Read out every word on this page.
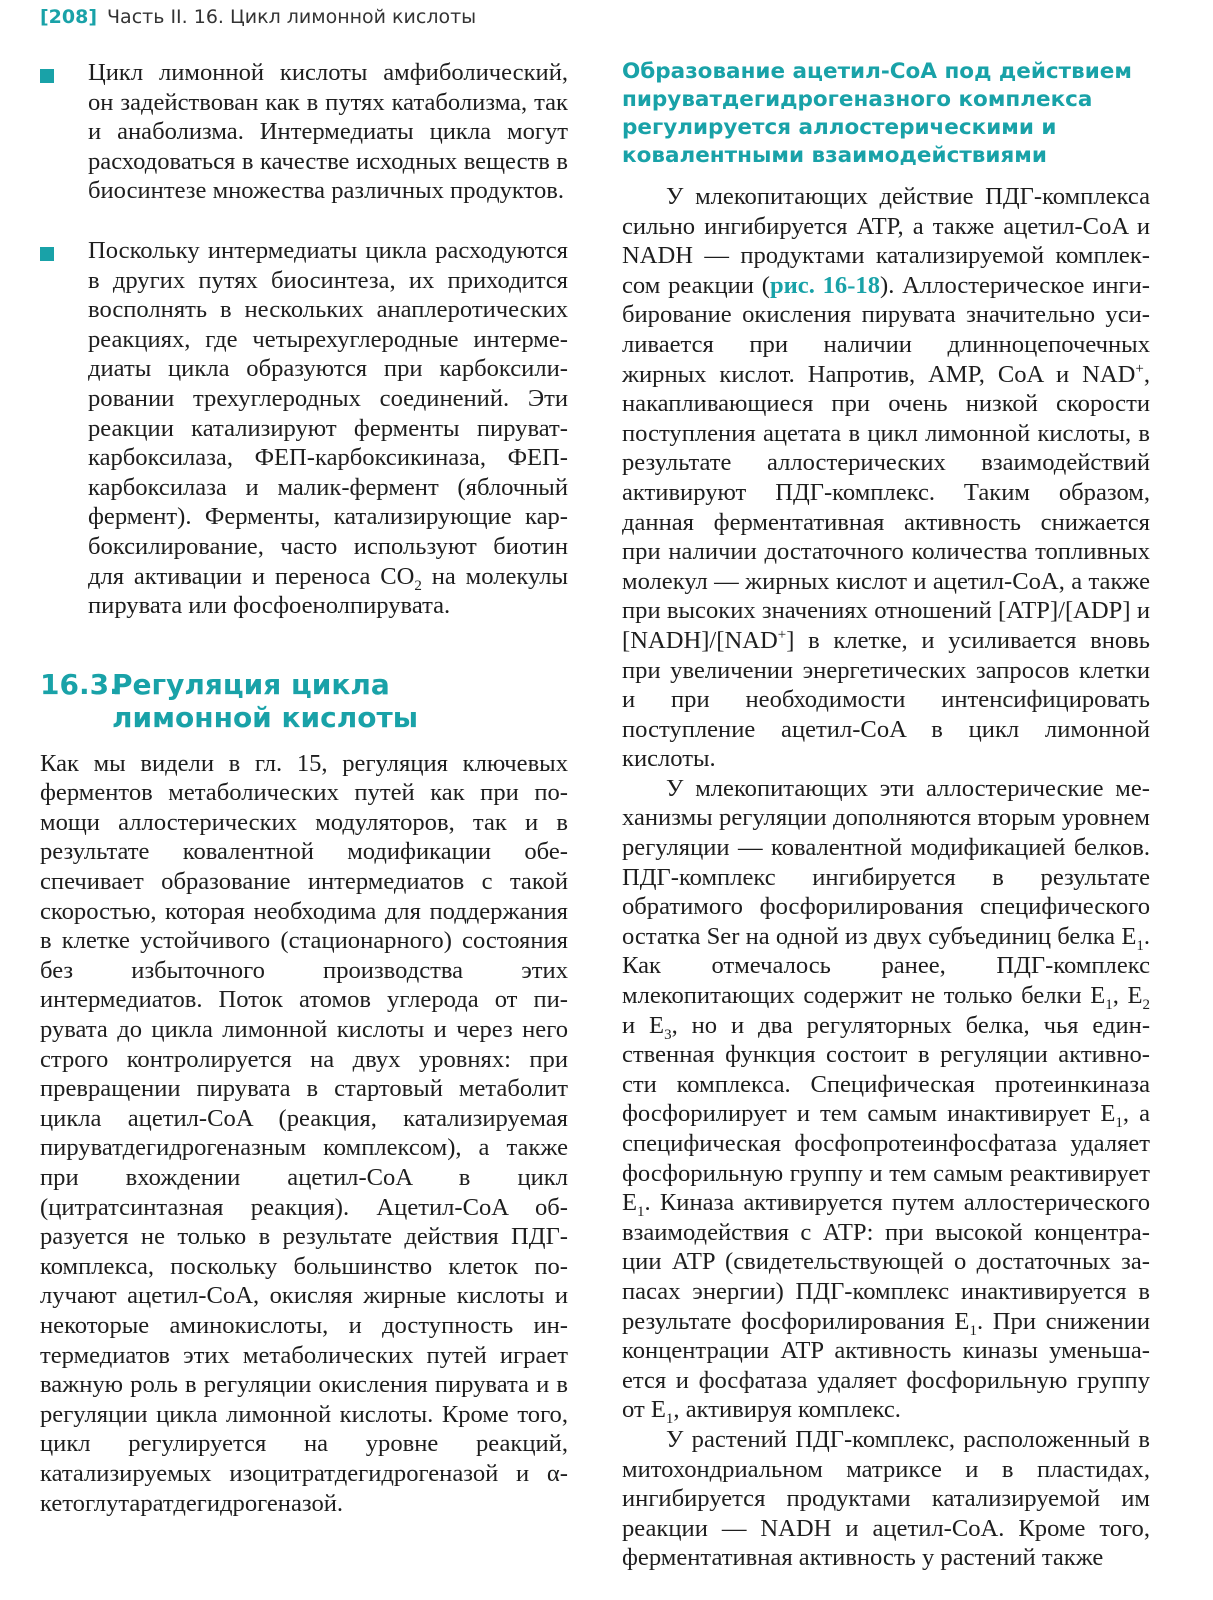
[208] Часть II. 16. Цикл лимонной кислоты

Цикл лимонной кислоты амфиболический, он задействован как в путях катаболизма, так и анаболизма. Интермедиаты цикла могут расходоваться в качестве исходных веществ в биосинтезе множества различных продуктов.

Поскольку интермедиаты цикла расходуются в других путях биосинтеза, их приходится восполнять в нескольких анаплеротических реакциях, где четырехуглеродные интермедиаты цикла образуются при карбоксилировании трехуглеродных соединений. Эти реакции катализируют ферменты пируваткарбоксилаза, ФЕП-карбоксикиназа, ФЕП-карбоксилаза и малик-фермент (яблочный фермент). Ферменты, катализирующие карбоксилирование, часто используют биотин для активации и переноса $CO_2$ на молекулы пирувата или фосфоенолпирувата.

16.3.Регуляция цикла
лимонной кислоты

Как мы видели в гл. 15, регуляция ключевых ферментов метаболических путей как при помощи аллостерических модуляторов, так и в результате ковалентной модификации обеспечивает образование интермедиатов с такой скоростью, которая необходима для поддержания в клетке устойчивого (стационарного) состояния без избыточного производства этих интермедиатов. Поток атомов углерода от пирувата до цикла лимонной кислоты и через него строго контролируется на двух уровнях: при превращении пирувата в стартовый метаболит цикла ацетил-CoA (реакция, катализируемая пируватдегидрогеназным комплексом), а также при вхождении ацетил-CoA в цикл (цитратсинтазная реакция). Ацетил-CoA образуется не только в результате действия ПДГ-комплекса, поскольку большинство клеток получают ацетил-CoA, окисляя жирные кислоты и некоторые аминокислоты, и доступность интермедиатов этих метаболических путей играет важную роль в регуляции окисления пирувата и в регуляции цикла лимонной кислоты. Кроме того, цикл регулируется на уровне реакций, катализируемых изоцитратдегидрогеназой и α-кетоглутаратдегидрогеназой.

Образование ацетил-CoA под действием пируватдегидрогеназного комплекса регулируется аллостерическими и ковалентными взаимодействиями

У млекопитающих действие ПДГ-комплекса сильно ингибируется ATP, а также ацетил-CoA и NADH — продуктами катализируемой комплексом реакции (рис. 16-18). Аллостерическое ингибирование окисления пирувата значительно усиливается при наличии длинноцепочечных жирных кислот. Напротив, AMP, CoA и NAD+, накапливающиеся при очень низкой скорости поступления ацетата в цикл лимонной кислоты, в результате аллостерических взаимодействий активируют ПДГ-комплекс. Таким образом, данная ферментативная активность снижается при наличии достаточного количества топливных молекул — жирных кислот и ацетил-CoA, а также при высоких значениях отношений [ATP]/[ADP] и [NADH]/[NAD+] в клетке, и усиливается вновь при увеличении энергетических запросов клетки и при необходимости интенсифицировать поступление ацетил-CoA в цикл лимонной кислоты.

У млекопитающих эти аллостерические механизмы регуляции дополняются вторым уровнем регуляции — ковалентной модификацией белков. ПДГ-комплекс ингибируется в результате обратимого фосфорилирования специфического остатка Ser на одной из двух субъединиц белка $E_1$. Как отмечалось ранее, ПДГ-комплекс млекопитающих содержит не только белки $E_1$, $E_2$ и $E_3$, но и два регуляторных белка, чья единственная функция состоит в регуляции активности комплекса. Специфическая протеинкиназа фосфорилирует и тем самым инактивирует $E_1$, а специфическая фосфопротеинфосфатаза удаляет фосфорильную группу и тем самым реактивирует $E_1$. Киназа активируется путем аллостерического взаимодействия с ATP: при высокой концентрации ATP (свидетельствующей о достаточных запасах энергии) ПДГ-комплекс инактивируется в результате фосфорилирования $E_1$. При снижении концентрации ATP активность киназы уменьшается и фосфатаза удаляет фосфорильную группу от $E_1$, активируя комплекс.

У растений ПДГ-комплекс, расположенный в митохондриальном матриксе и в пластидах, ингибируется продуктами катализируемой им реакции — NADH и ацетил-CoA. Кроме того, ферментативная активность у растений также
